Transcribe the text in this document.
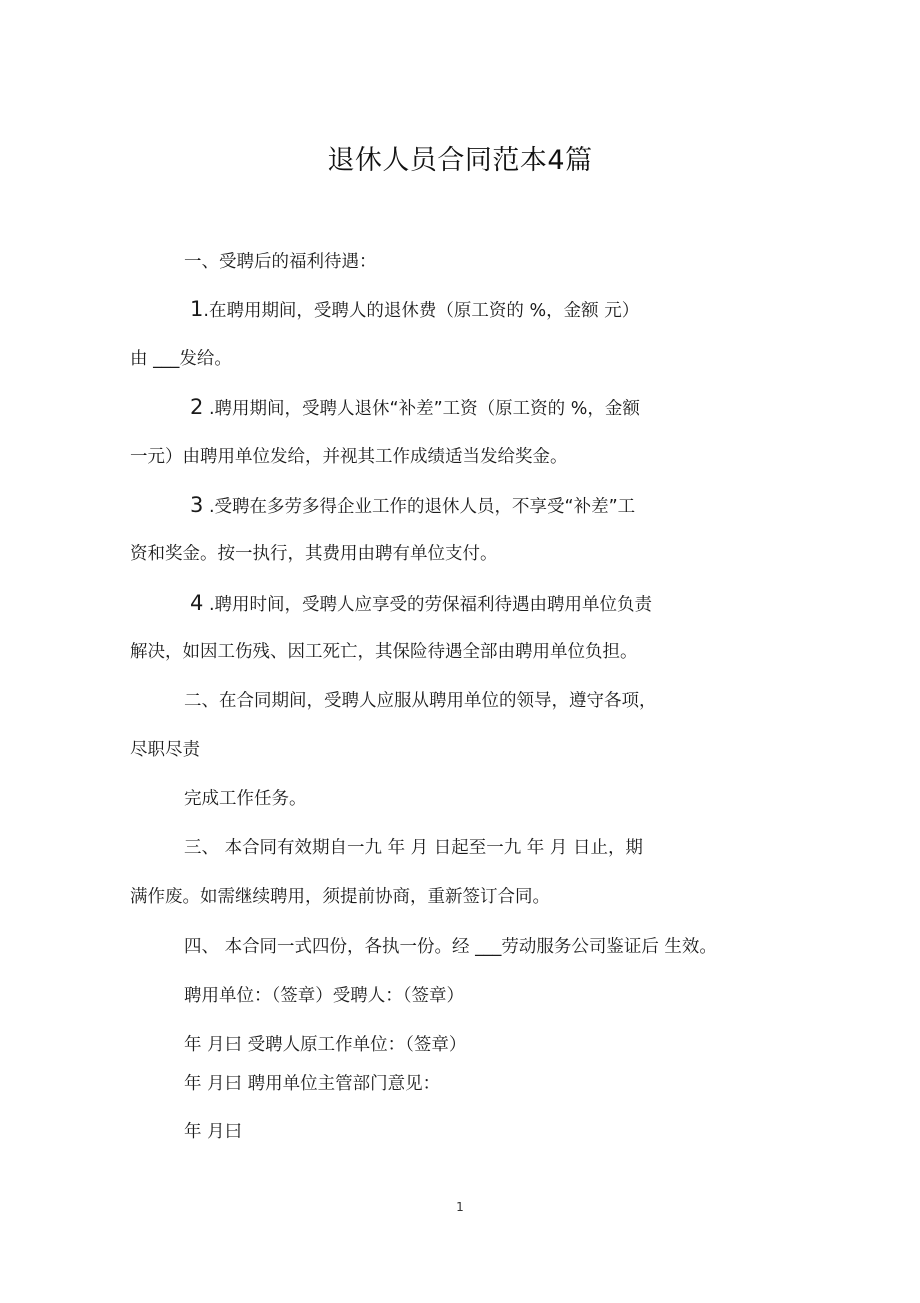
退休人员合同范本4篇
一、受聘后的福利待遇：
1.在聘用期间，受聘人的退休费（原工资的 %，金额 元）
由 ___发给。
2 .聘用期间，受聘人退休“补差”工资（原工资的 %，金额
一元）由聘用单位发给，并视其工作成绩适当发给奖金。
3 .受聘在多劳多得企业工作的退休人员，不享受“补差”工
资和奖金。按一执行，其费用由聘有单位支付。
4 .聘用时间，受聘人应享受的劳保福利待遇由聘用单位负责
解决，如因工伤残、因工死亡，其保险待遇全部由聘用单位负担。
二、在合同期间，受聘人应服从聘用单位的领导，遵守各项，
尽职尽责
完成工作任务。
三、 本合同有效期自一九 年 月 日起至一九 年 月 日止，期
满作废。如需继续聘用，须提前协商，重新签订合同。
四、 本合同一式四份，各执一份。经 ___劳动服务公司鉴证后 生效。
聘用单位：（签章）受聘人：（签章）
年 月曰 受聘人原工作单位：（签章）
年 月曰 聘用单位主管部门意见：
年 月曰
1
